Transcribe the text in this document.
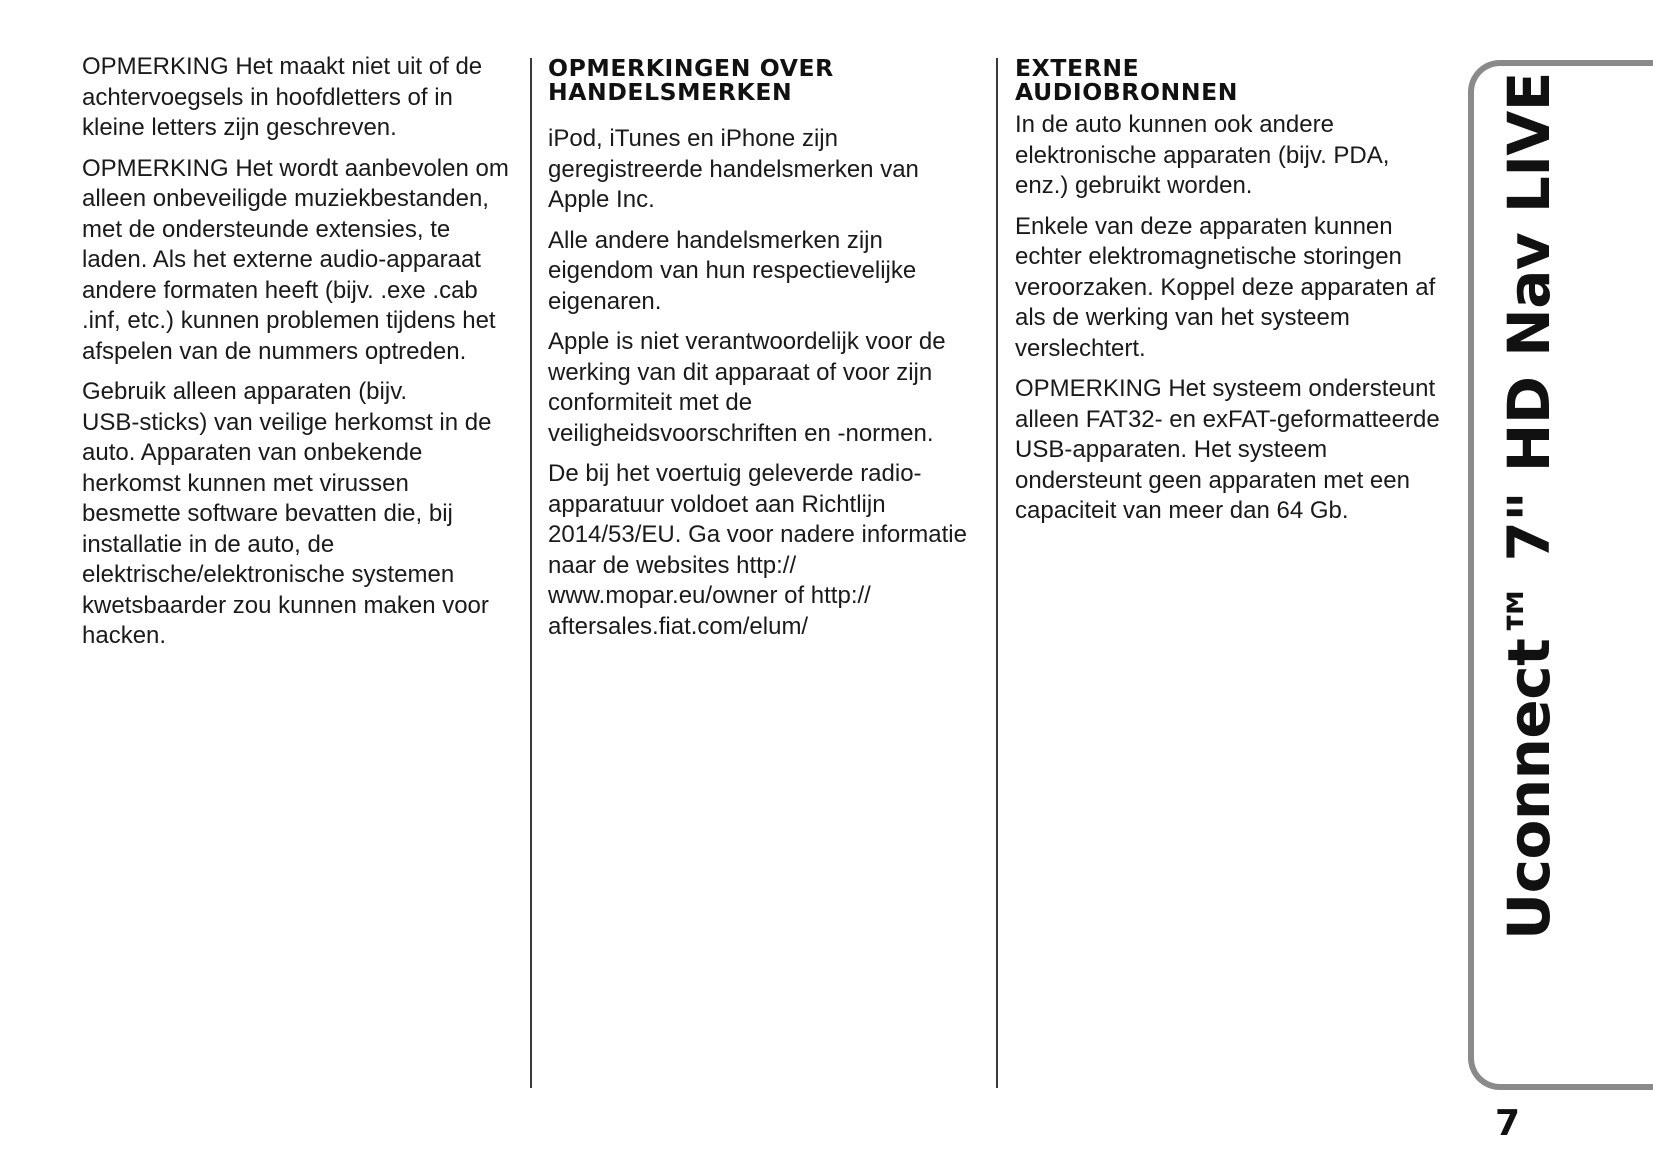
OPMERKING Het maakt niet uit of de
achtervoegsels in hoofdletters of in
kleine letters zijn geschreven.

OPMERKING Het wordt aanbevolen om
alleen onbeveiligde muziekbestanden,
met de ondersteunde extensies, te
laden. Als het externe audio-apparaat
andere formaten heeft (bijv. .exe .cab
.inf, etc.) kunnen problemen tijdens het
afspelen van de nummers optreden.

Gebruik alleen apparaten (bijv.
USB-sticks) van veilige herkomst in de
auto. Apparaten van onbekende
herkomst kunnen met virussen
besmette software bevatten die, bij
installatie in de auto, de
elektrische/elektronische systemen
kwetsbaarder zou kunnen maken voor
hacken.

OPMERKINGEN OVER
HANDELSMERKEN

iPod, iTunes en iPhone zijn
geregistreerde handelsmerken van
Apple Inc.

Alle andere handelsmerken zijn
eigendom van hun respectievelijke
eigenaren.

Apple is niet verantwoordelijk voor de
werking van dit apparaat of voor zijn
conformiteit met de
veiligheidsvoorschriften en -normen.

De bij het voertuig geleverde radio-
apparatuur voldoet aan Richtlijn
2014/53/EU. Ga voor nadere informatie
naar de websites http://
www.mopar.eu/owner of http://
aftersales.fiat.com/elum/

EXTERNE
AUDIOBRONNEN

In de auto kunnen ook andere
elektronische apparaten (bijv. PDA,
enz.) gebruikt worden.

Enkele van deze apparaten kunnen
echter elektromagnetische storingen
veroorzaken. Koppel deze apparaten af
als de werking van het systeem
verslechtert.

OPMERKING Het systeem ondersteunt
alleen FAT32- en exFAT-geformatteerde
USB-apparaten. Het systeem
ondersteunt geen apparaten met een
capaciteit van meer dan 64 Gb.	Uconnect™ 7" HD Nav LIVE
7
